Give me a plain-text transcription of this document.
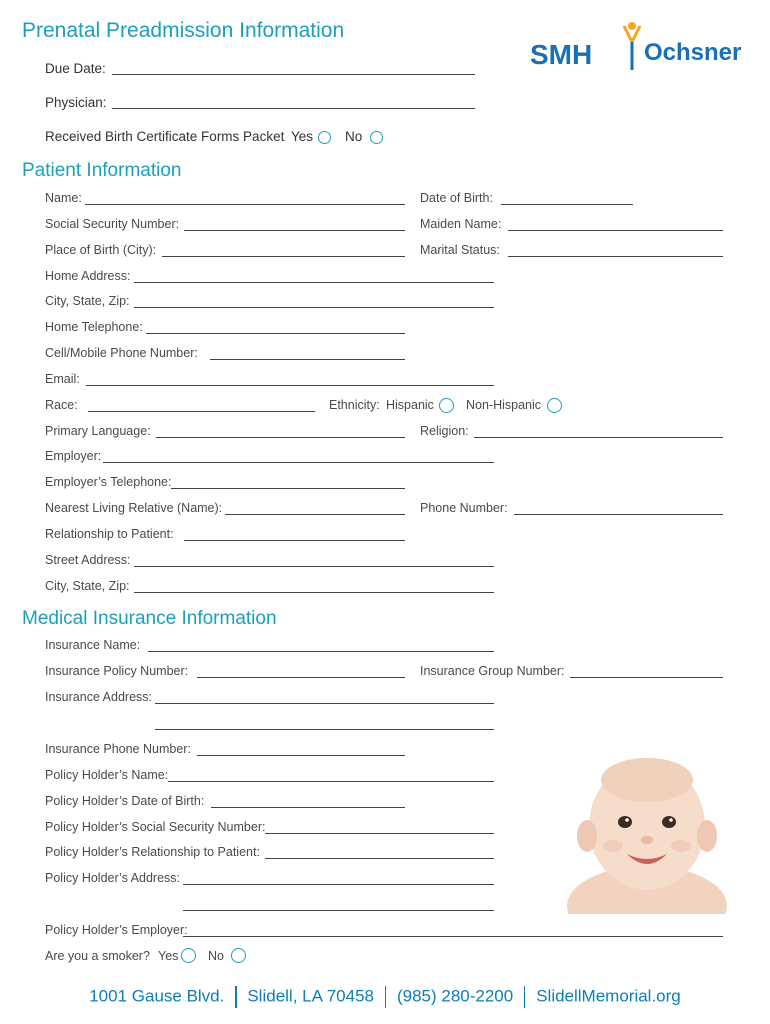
Prenatal Preadmission Information
SMH Ochsner
Due Date:
Physician:
Received Birth Certificate Forms Packet Yes No
Patient Information
Name:	Date of Birth:
Social Security Number:	Maiden Name:
Place of Birth (City):	Marital Status:
Home Address:
City, State, Zip:
Home Telephone:
Cell/Mobile Phone Number:
Email:
Race:	Ethnicity: Hispanic	Non-Hispanic
Primary Language:	Religion:
Employer:
Employer’s Telephone:
Nearest Living Relative (Name):	Phone Number:
Relationship to Patient:
Street Address:
City, State, Zip:
Medical Insurance Information
Insurance Name:
Insurance Policy Number:	Insurance Group Number:
Insurance Address:
Insurance Phone Number:
Policy Holder’s Name:
Policy Holder’s Date of Birth:
Policy Holder’s Social Security Number:
Policy Holder’s Relationship to Patient:
Policy Holder’s Address:
Policy Holder’s Employer:
Are you a smoker? Yes No
1001 Gause Blvd. Slidell, LA 70458 (985) 280-2200 SlidellMemorial.org
